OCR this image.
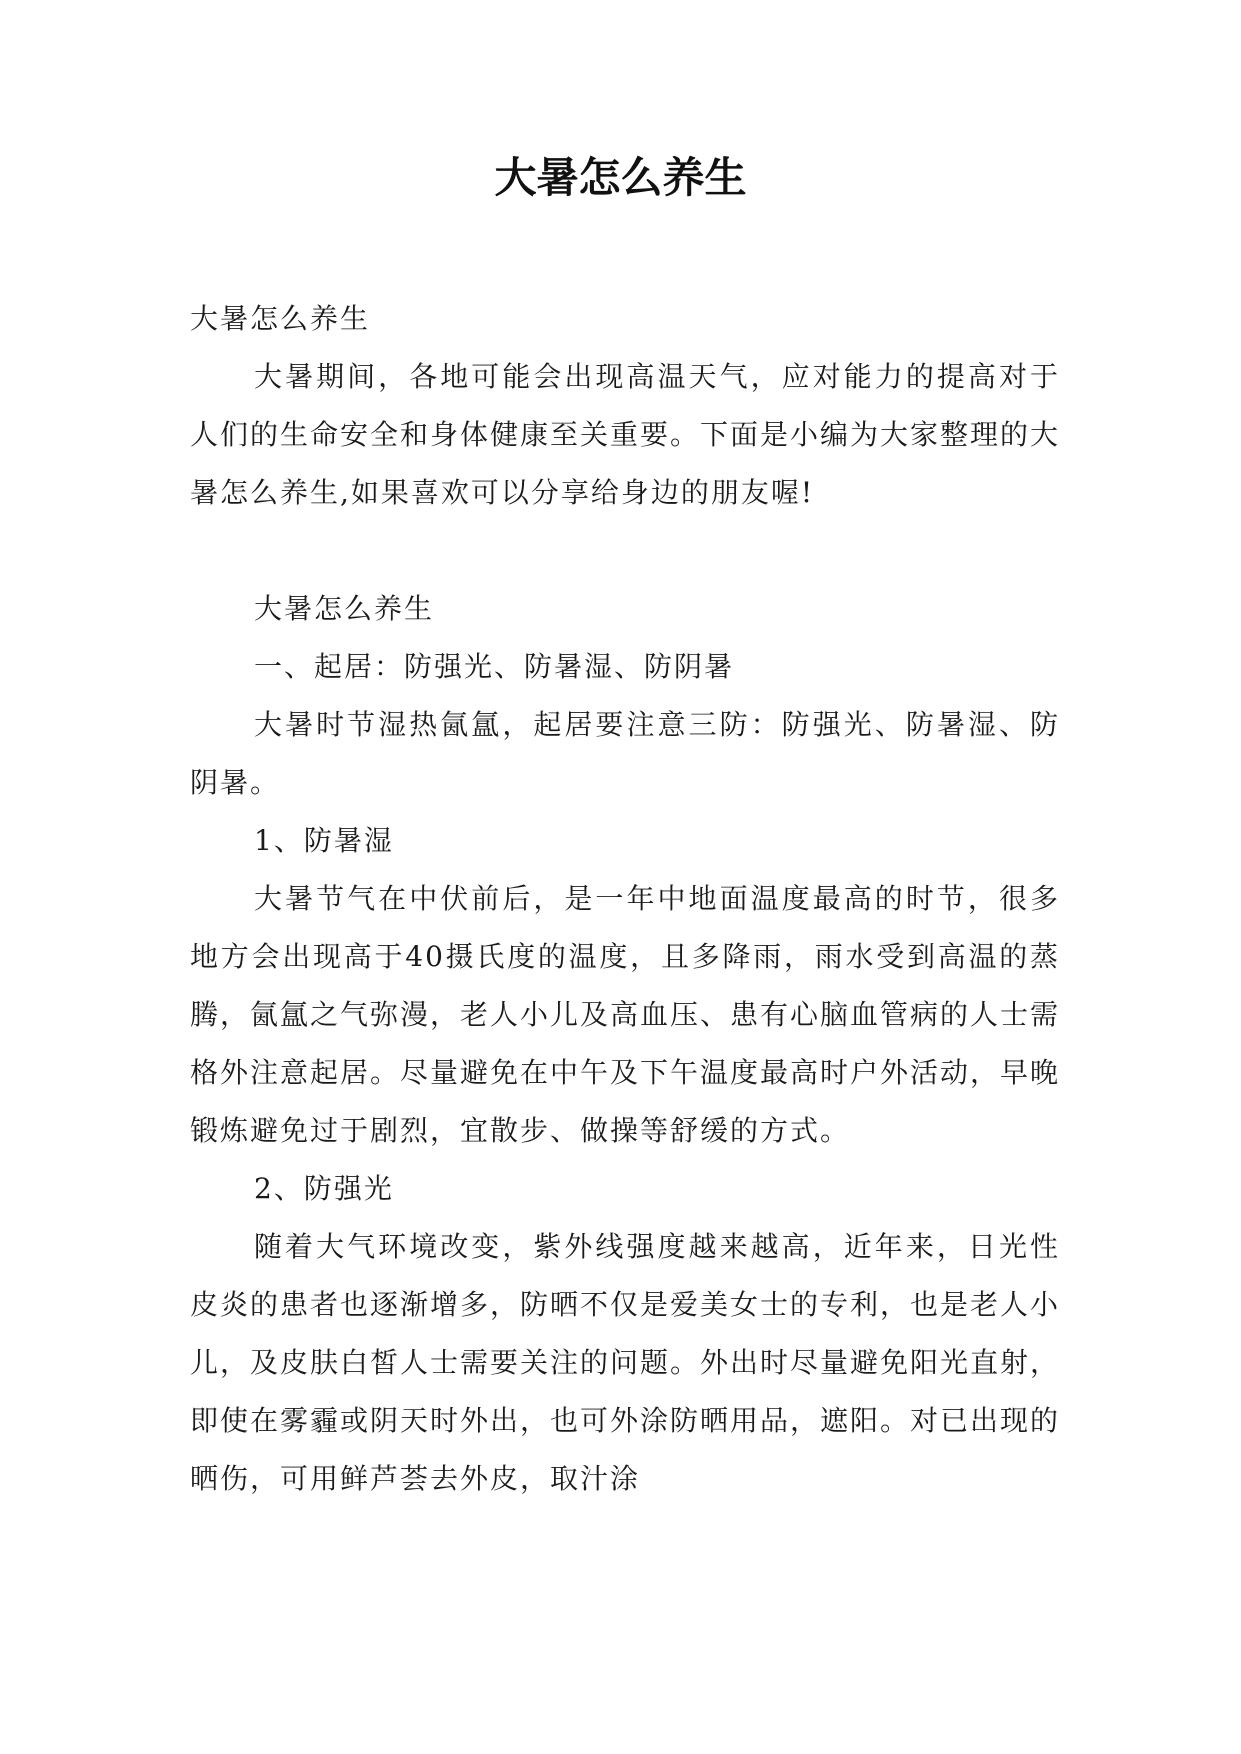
大暑怎么养生

大暑怎么养生

大暑期间，各地可能会出现高温天气，应对能力的提高对于人们的生命安全和身体健康至关重要。下面是小编为大家整理的大暑怎么养生,如果喜欢可以分享给身边的朋友喔!

大暑怎么养生

一、起居：防强光、防暑湿、防阴暑

大暑时节湿热氤氲，起居要注意三防：防强光、防暑湿、防阴暑。

1、防暑湿

大暑节气在中伏前后，是一年中地面温度最高的时节，很多地方会出现高于40摄氏度的温度，且多降雨，雨水受到高温的蒸腾，氤氲之气弥漫，老人小儿及高血压、患有心脑血管病的人士需格外注意起居。尽量避免在中午及下午温度最高时户外活动，早晚锻炼避免过于剧烈，宜散步、做操等舒缓的方式。

2、防强光

随着大气环境改变，紫外线强度越来越高，近年来，日光性皮炎的患者也逐渐增多，防晒不仅是爱美女士的专利，也是老人小儿，及皮肤白皙人士需要关注的问题。外出时尽量避免阳光直射，即使在雾霾或阴天时外出，也可外涂防晒用品，遮阳。对已出现的晒伤，可用鲜芦荟去外皮，取汁涂
